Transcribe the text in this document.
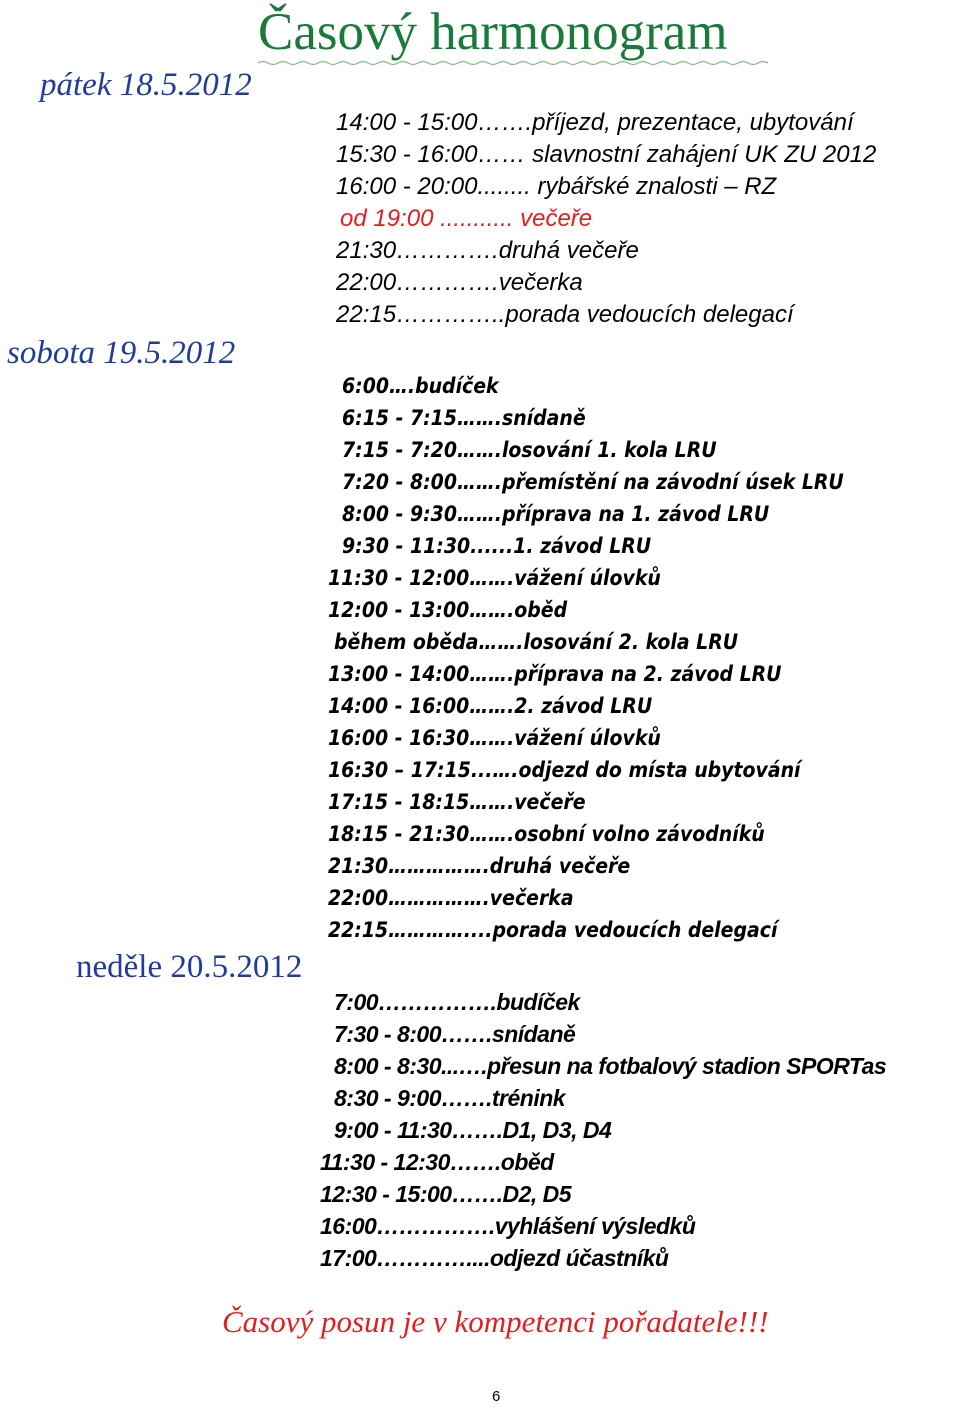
Časový harmonogram
pátek 18.5.2012
14:00 - 15:00…….příjezd, prezentace, ubytování
15:30 - 16:00…… slavnostní zahájení UK ZU 2012
16:00 - 20:00........ rybářské znalosti – RZ
od 19:00 ........... večeře
21:30………….druhá večeře
22:00………….večerka
22:15…………..porada vedoucích delegací
sobota 19.5.2012
6:00….budíček
6:15 - 7:15…….snídaně
7:15 - 7:20…….losování 1. kola LRU
7:20 - 8:00…….přemístění na závodní úsek LRU
8:00 - 9:30…….příprava na 1. závod LRU
9:30 - 11:30......1. závod LRU
11:30 - 12:00…….vážení úlovků
12:00 - 13:00…….oběd
během oběda…….losování 2. kola LRU
13:00 - 14:00…….příprava na 2. závod LRU
14:00 - 16:00…….2. závod LRU
16:00 - 16:30…….vážení úlovků
16:30 – 17:15...….odjezd do místa ubytování
17:15 - 18:15…….večeře
18:15 - 21:30…….osobní volno závodníků
21:30…………….druhá večeře
22:00…………….večerka
22:15…………....porada vedoucích delegací
neděle 20.5.2012
7:00…………….budíček
7:30 - 8:00…….snídaně
8:00 - 8:30...….přesun na fotbalový stadion SPORTas
8:30 - 9:00…….trénink
9:00 - 11:30…….D1, D3, D4
11:30 - 12:30…….oběd
12:30 - 15:00…….D2, D5
16:00…………….vyhlášení výsledků
17:00…………....odjezd účastníků
Časový posun je v kompetenci pořadatele!!!
6
